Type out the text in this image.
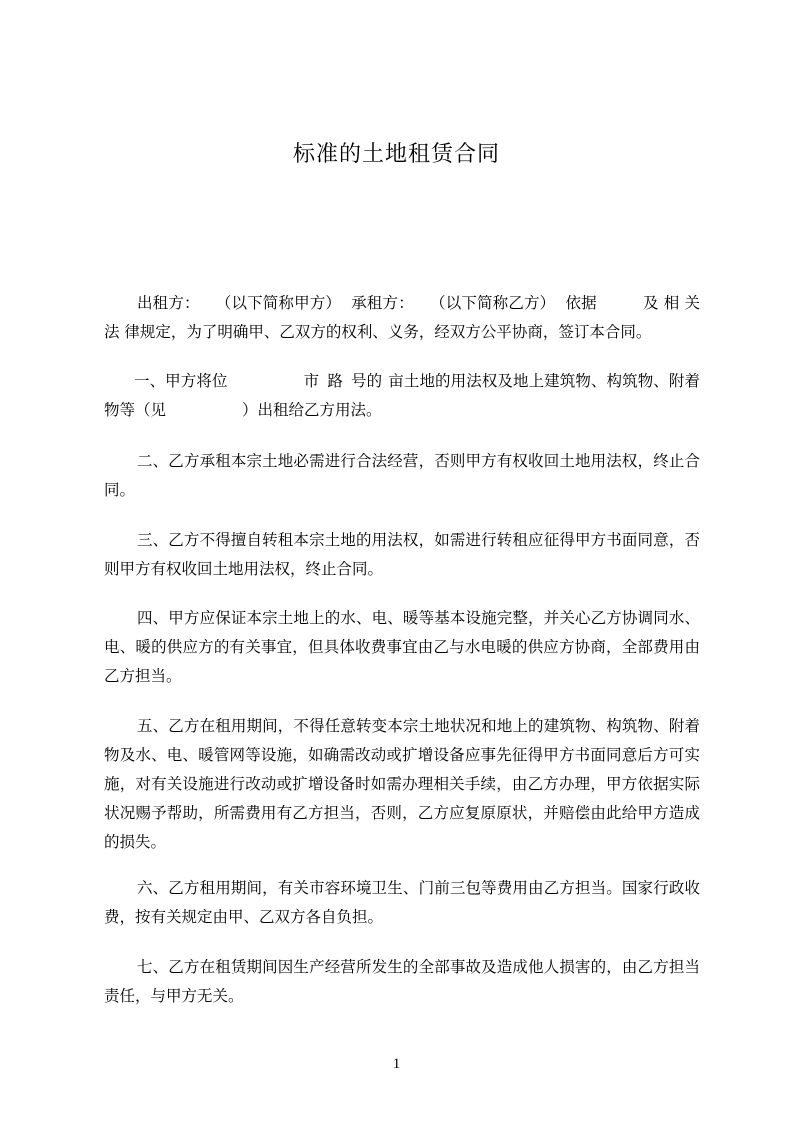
标准的土地租赁合同

出租方： （以下简称甲方） 承租方： （以下简称乙方） 依据	及 相 关 法 律规定，为了明确甲、乙双方的权利、义务，经双方公平协商，签订本合同。

一、甲方将位	市 路 号的 亩土地的用法权及地上建筑物、构筑物、附着物等（见	）出租给乙方用法。

二、乙方承租本宗土地必需进行合法经营，否则甲方有权收回土地用法权，终止合同。

三、乙方不得擅自转租本宗土地的用法权，如需进行转租应征得甲方书面同意，否则甲方有权收回土地用法权，终止合同。

四、甲方应保证本宗土地上的水、电、暖等基本设施完整，并关心乙方协调同水、电、暖的供应方的有关事宜，但具体收费事宜由乙与水电暖的供应方协商，全部费用由乙方担当。

五、乙方在租用期间，不得任意转变本宗土地状况和地上的建筑物、构筑物、附着物及水、电、暖管网等设施，如确需改动或扩增设备应事先征得甲方书面同意后方可实施，对有关设施进行改动或扩增设备时如需办理相关手续，由乙方办理，甲方依据实际状况赐予帮助，所需费用有乙方担当，否则，乙方应复原原状，并赔偿由此给甲方造成的损失。

六、乙方租用期间，有关市容环境卫生、门前三包等费用由乙方担当。国家行政收费，按有关规定由甲、乙双方各自负担。

七、乙方在租赁期间因生产经营所发生的全部事故及造成他人损害的，由乙方担当责任，与甲方无关。

1
